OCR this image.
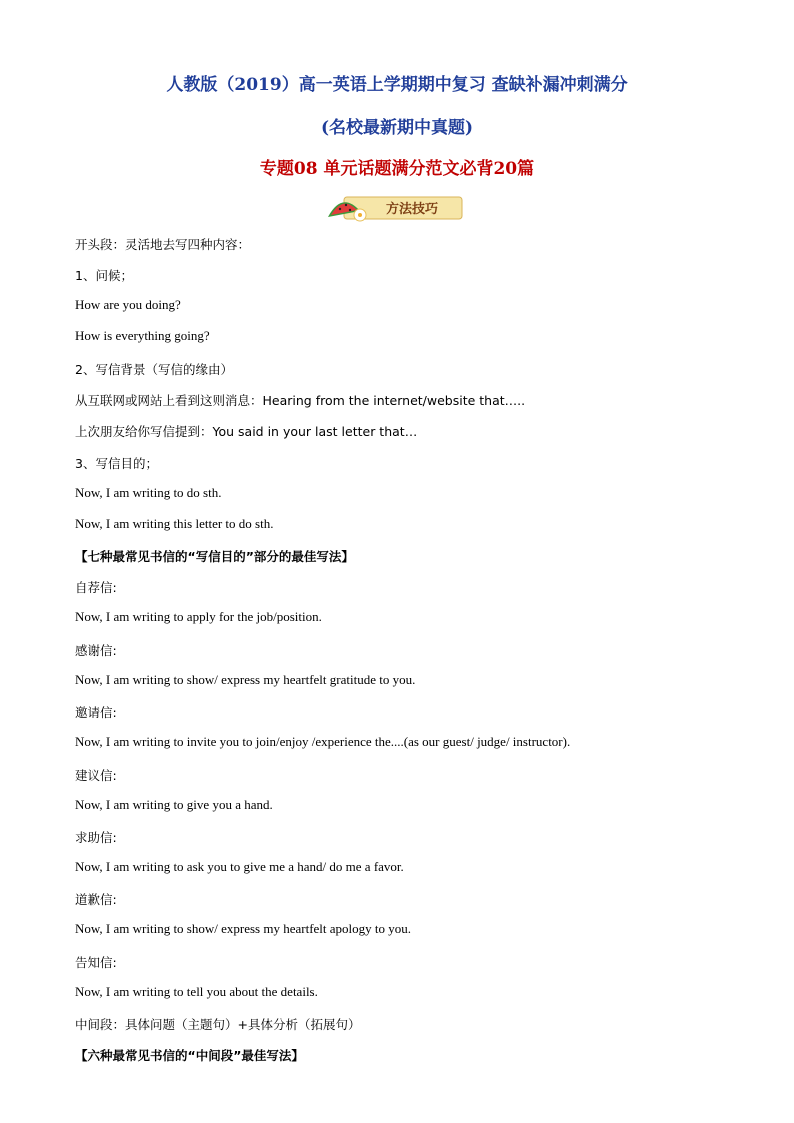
人教版（2019）高一英语上学期期中复习 查缺补漏冲刺满分
(名校最新期中真题)
专题08 单元话题满分范文必背20篇
方法技巧
开头段：灵活地去写四种内容：
1、问候；
How are you doing?
How is everything going?
2、写信背景（写信的缘由）
从互联网或网站上看到这则消息：Hearing from the internet/website that…..
上次朋友给你写信提到：You said in your last letter that…
3、写信目的；
Now, I am writing to do sth.
Now, I am writing this letter to do sth.
【七种最常见书信的“写信目的”部分的最佳写法】
自荐信:
Now, I am writing to apply for the job/position.
感谢信:
Now, I am writing to show/ express my heartfelt gratitude to you.
邀请信:
Now, I am writing to invite you to join/enjoy /experience the....(as our guest/ judge/ instructor).
建议信:
Now, I am writing to give you a hand.
求助信:
Now, I am writing to ask you to give me a hand/ do me a favor.
道歉信:
Now, I am writing to show/ express my heartfelt apology to you.
告知信:
Now, I am writing to tell you about the details.
中间段：具体问题（主题句）+具体分析（拓展句）
【六种最常见书信的“中间段”最佳写法】
